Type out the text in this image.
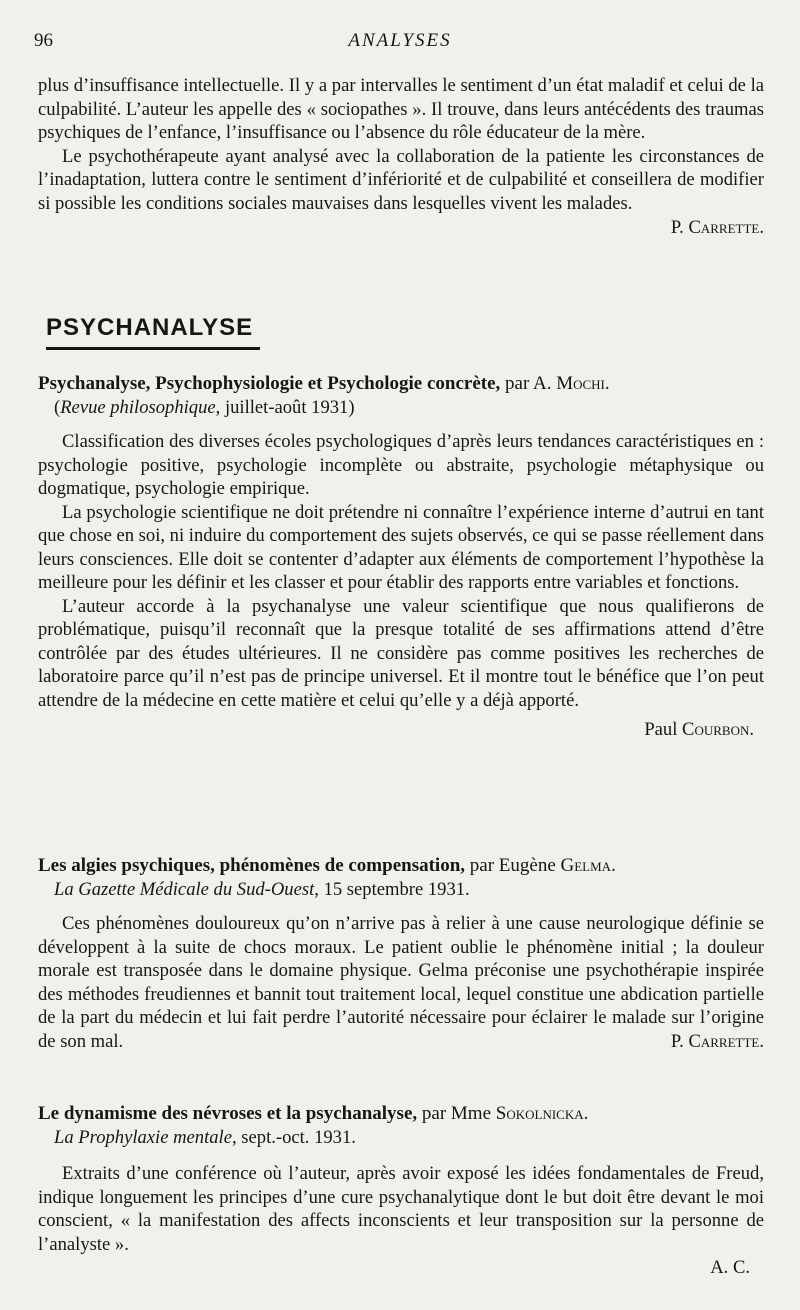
96	ANALYSES

plus d’insuffisance intellectuelle. Il y a par intervalles le sentiment d’un état maladif et celui de la culpabilité. L’auteur les appelle des « sociopathes ». Il trouve, dans leurs antécédents des traumas psychiques de l’enfance, l’insuffisance ou l’absence du rôle éducateur de la mère.

Le psychothérapeute ayant analysé avec la collaboration de la patiente les circonstances de l’inadaptation, luttera contre le sentiment d’infériorité et de culpabilité et conseillera de modifier si possible les conditions sociales mauvaises dans lesquelles vivent les malades.

P. Carrette.

PSYCHANALYSE
Psychanalyse, Psychophysiologie et Psychologie concrète, par A. Mochi.
(Revue philosophique, juillet-août 1931)

Classification des diverses écoles psychologiques d’après leurs tendances caractéristiques en : psychologie positive, psychologie incomplète ou abstraite, psychologie métaphysique ou dogmatique, psychologie empirique.

La psychologie scientifique ne doit prétendre ni connaître l’expérience interne d’autrui en tant que chose en soi, ni induire du comportement des sujets observés, ce qui se passe réellement dans leurs consciences. Elle doit se contenter d’adapter aux éléments de comportement l’hypothèse la meilleure pour les définir et les classer et pour établir des rapports entre variables et fonctions.

L’auteur accorde à la psychanalyse une valeur scientifique que nous qualifierons de problématique, puisqu’il reconnaît que la presque totalité de ses affirmations attend d’être contrôlée par des études ultérieures. Il ne considère pas comme positives les recherches de laboratoire parce qu’il n’est pas de principe universel. Et il montre tout le bénéfice que l’on peut attendre de la médecine en cette matière et celui qu’elle y a déjà apporté.

Paul Courbon.

Les algies psychiques, phénomènes de compensation, par Eugène Gelma.
La Gazette Médicale du Sud-Ouest, 15 septembre 1931.

Ces phénomènes douloureux qu’on n’arrive pas à relier à une cause neurologique définie se développent à la suite de chocs moraux. Le patient oublie le phénomène initial ; la douleur morale est transposée dans le domaine physique. Gelma préconise une psychothérapie inspirée des méthodes freudiennes et bannit tout traitement local, lequel constitue une abdication partielle de la part du médecin et lui fait perdre l’autorité nécessaire pour éclairer le malade sur l’origine de son mal.	P. Carrette.

Le dynamisme des névroses et la psychanalyse, par Mme Sokolnicka.
La Prophylaxie mentale, sept.-oct. 1931.

Extraits d’une conférence où l’auteur, après avoir exposé les idées fondamentales de Freud, indique longuement les principes d’une cure psychanalytique dont le but doit être devant le moi conscient, « la manifestation des affects inconscients et leur transposition sur la personne de l’analyste ».

A. C.
